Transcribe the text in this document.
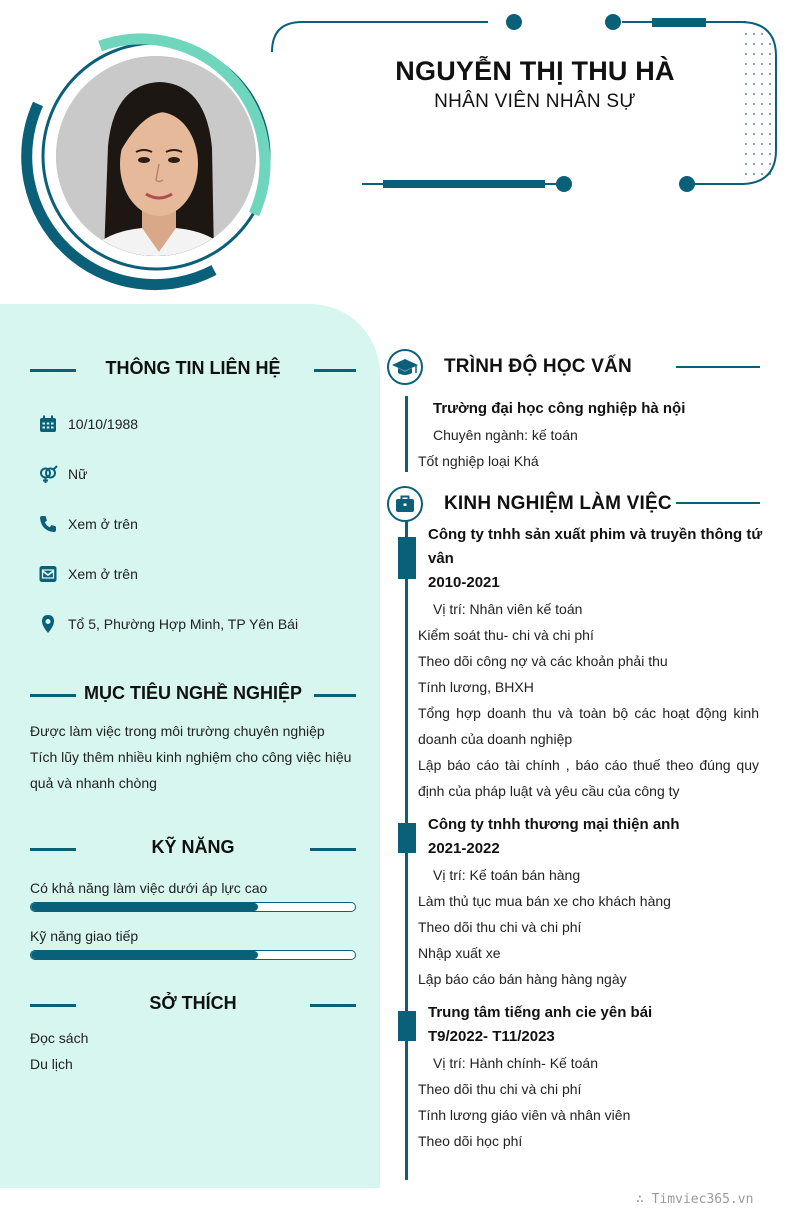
NGUYỄN THỊ THU HÀ
NHÂN VIÊN NHÂN SỰ
THÔNG TIN LIÊN HỆ
10/10/1988
Nữ
Xem ở trên
Xem ở trên
Tổ 5, Phường Hợp Minh, TP Yên Bái
MỤC TIÊU NGHỀ NGHIỆP
Được làm việc trong môi trường chuyên nghiệp
Tích lũy thêm nhiều kinh nghiệm cho công việc hiệu
quả và nhanh chòng
KỸ NĂNG
Có khả năng làm việc dưới áp lực cao
Kỹ năng giao tiếp
SỞ THÍCH
Đọc sách
Du lịch
TRÌNH ĐỘ HỌC VẤN
Trường đại học công nghiệp hà nội
Chuyên ngành: kế toán
Tốt nghiệp loại Khá
KINH NGHIỆM LÀM VIỆC
Công ty tnhh sản xuất phim và truyền thông tứ
vân
2010-2021
Vị trí: Nhân viên kế toán
Kiểm soát thu- chi và chi phí
Theo dõi công nợ và các khoản phải thu
Tính lương, BHXH
Tổng hợp doanh thu và toàn bộ các hoạt động kinh
doanh của doanh nghiệp
Lập báo cáo tài chính , báo cáo thuế theo đúng quy
định của pháp luật và yêu cầu của công ty
Công ty tnhh thương mại thiện anh
2021-2022
Vị trí: Kế toán bán hàng
Làm thủ tục mua bán xe cho khách hàng
Theo dõi thu chi và chi phí
Nhập xuất xe
Lập báo cáo bán hàng hàng ngày
Trung tâm tiếng anh cie yên bái
T9/2022- T11/2023
Vị trí: Hành chính- Kế toán
Theo dõi thu chi và chi phí
Tính lương giáo viên và nhân viên
Theo dõi học phí
∴ Timviec365.vn
